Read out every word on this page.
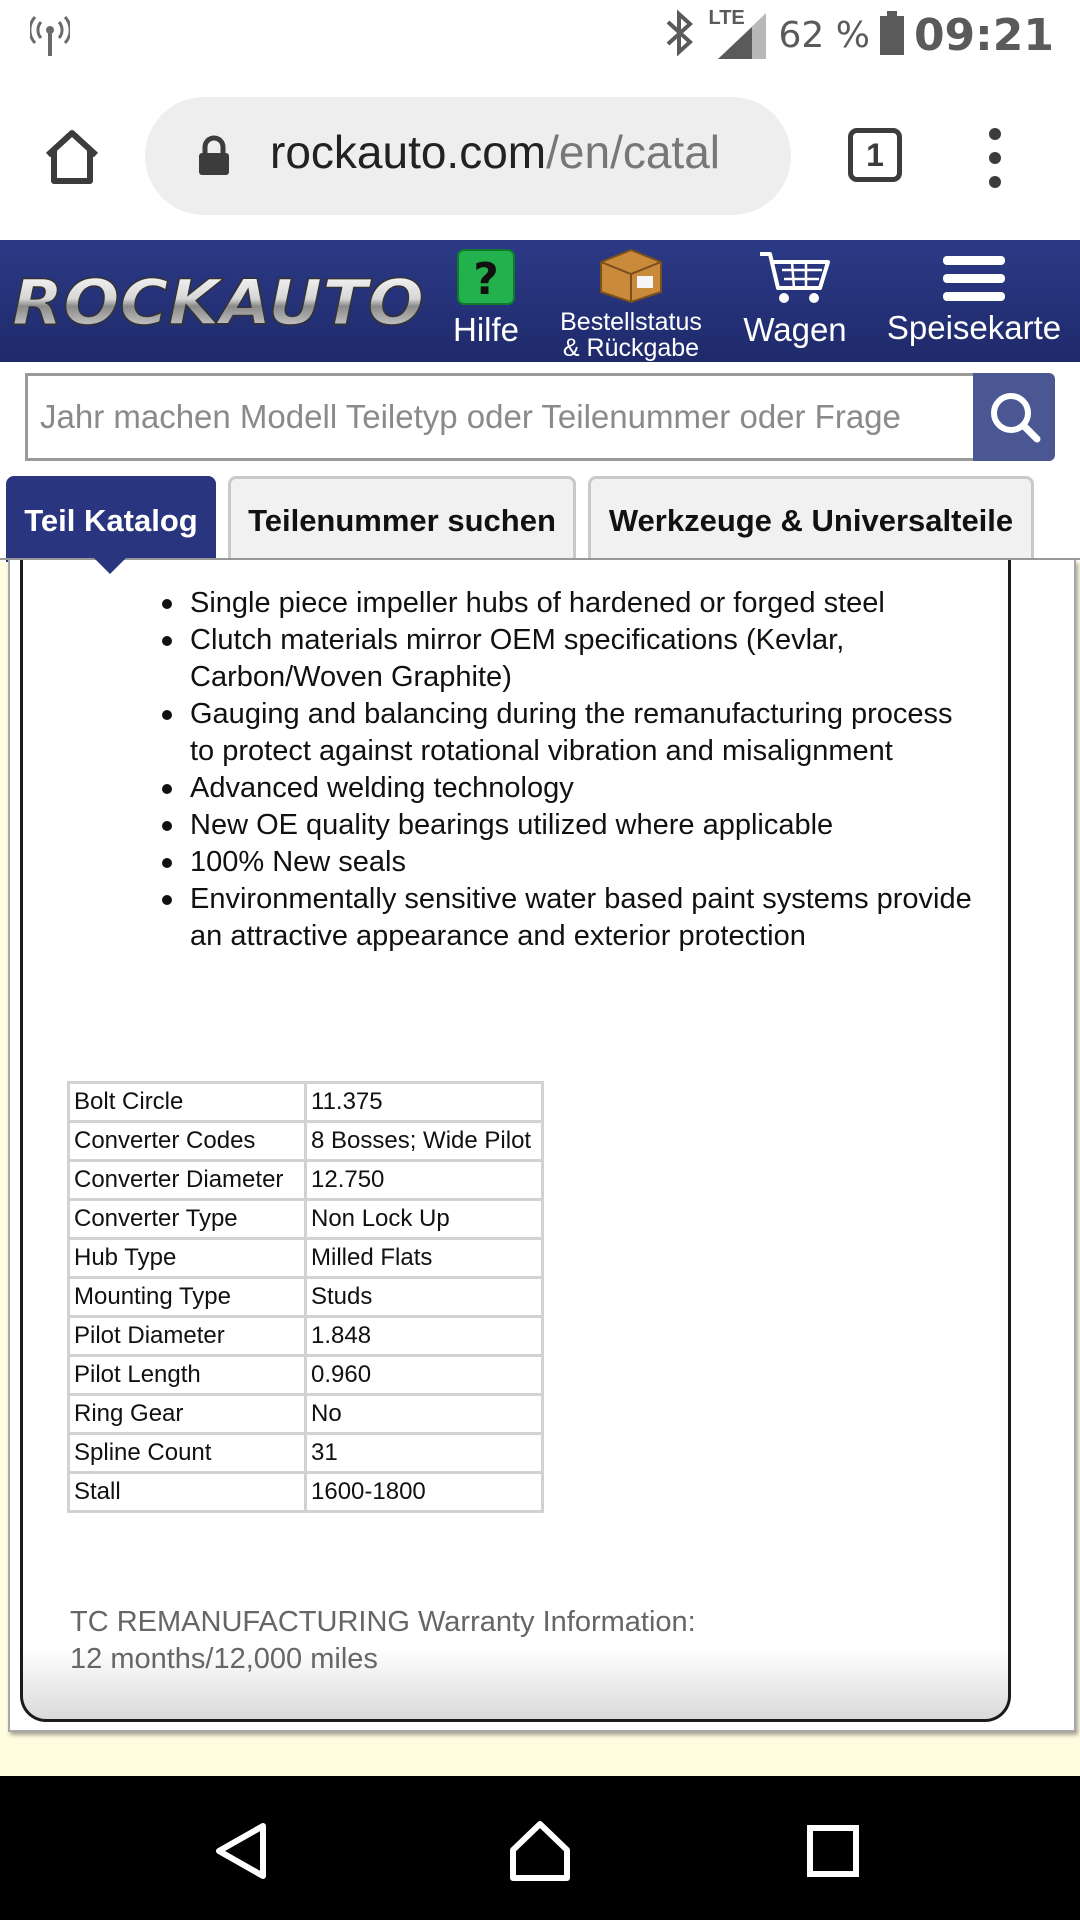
LTE 62 % 09:21
rockauto.com/en/catal	1
ROCKAUTO ?
Hilfe	Bestellstatus
& Rückgabe	Wagen Speisekarte
Jahr machen Modell Teiletyp oder Teilenummer oder Frage
Teil Katalog	Teilenummer suchen	Werkzeuge & Universalteile
Single piece impeller hubs of hardened or forged steel
Clutch materials mirror OEM specifications (Kevlar, Carbon/Woven Graphite)
Gauging and balancing during the remanufacturing process to protect against rotational vibration and misalignment
Advanced welding technology
New OE quality bearings utilized where applicable
100% New seals
Environmentally sensitive water based paint systems provide an attractive appearance and exterior protection
Bolt Circle	11.375
Converter Codes	8 Bosses; Wide Pilot
Converter Diameter	12.750
Converter Type	Non Lock Up
Hub Type	Milled Flats
Mounting Type	Studs
Pilot Diameter	1.848
Pilot Length	0.960
Ring Gear	No
Spline Count	31
Stall	1600-1800
TC REMANUFACTURING Warranty Information:
12 months/12,000 miles
